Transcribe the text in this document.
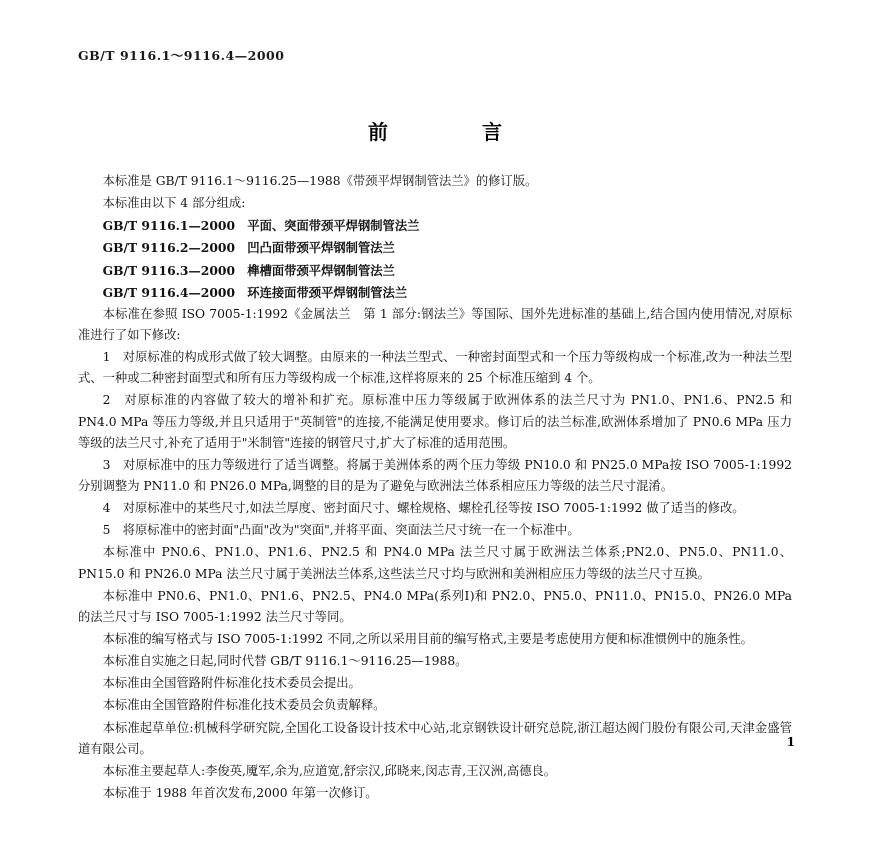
GB/T 9116.1～9116.4—2000
前　　言

本标准是 GB/T 9116.1～9116.25—1988《带颈平焊钢制管法兰》的修订版。

本标准由以下 4 部分组成:

GB/T 9116.1—2000　平面、突面带颈平焊钢制管法兰

GB/T 9116.2—2000　凹凸面带颈平焊钢制管法兰

GB/T 9116.3—2000　榫槽面带颈平焊钢制管法兰

GB/T 9116.4—2000　环连接面带颈平焊钢制管法兰

本标准在参照 ISO 7005-1:1992《金属法兰　第 1 部分:钢法兰》等国际、国外先进标准的基础上,结合国内使用情况,对原标准进行了如下修改:

1　对原标准的构成形式做了较大调整。由原来的一种法兰型式、一种密封面型式和一个压力等级构成一个标准,改为一种法兰型式、一种或二种密封面型式和所有压力等级构成一个标准,这样将原来的 25 个标准压缩到 4 个。

2　对原标准的内容做了较大的增补和扩充。原标准中压力等级属于欧洲体系的法兰尺寸为 PN1.0、PN1.6、PN2.5 和 PN4.0 MPa 等压力等级,并且只适用于"英制管"的连接,不能满足使用要求。修订后的法兰标准,欧洲体系增加了 PN0.6 MPa 压力等级的法兰尺寸,补充了适用于"米制管"连接的钢管尺寸,扩大了标准的适用范围。

3　对原标准中的压力等级进行了适当调整。将属于美洲体系的两个压力等级 PN10.0 和 PN25.0 MPa按 ISO 7005-1:1992 分别调整为 PN11.0 和 PN26.0 MPa,调整的目的是为了避免与欧洲法兰体系相应压力等级的法兰尺寸混淆。

4　对原标准中的某些尺寸,如法兰厚度、密封面尺寸、螺栓规格、螺栓孔径等按 ISO 7005-1:1992 做了适当的修改。

5　将原标准中的密封面"凸面"改为"突面",并将平面、突面法兰尺寸统一在一个标准中。

本标准中 PN0.6、PN1.0、PN1.6、PN2.5 和 PN4.0 MPa 法兰尺寸属于欧洲法兰体系;PN2.0、PN5.0、PN11.0、PN15.0 和 PN26.0 MPa 法兰尺寸属于美洲法兰体系,这些法兰尺寸均与欧洲和美洲相应压力等级的法兰尺寸互换。

本标准中 PN0.6、PN1.0、PN1.6、PN2.5、PN4.0 MPa(系列Ⅰ)和 PN2.0、PN5.0、PN11.0、PN15.0、PN26.0 MPa的法兰尺寸与 ISO 7005-1:1992 法兰尺寸等同。

本标准的编写格式与 ISO 7005-1:1992 不同,之所以采用目前的编写格式,主要是考虑使用方便和标准惯例中的施条性。

本标准自实施之日起,同时代替 GB/T 9116.1～9116.25—1988。

本标准由全国管路附件标准化技术委员会提出。

本标准由全国管路附件标准化技术委员会负责解释。

本标准起草单位:机械科学研究院,全国化工设备设计技术中心站,北京钢铁设计研究总院,浙江超达阀门股份有限公司,天津金盛管道有限公司。

本标准主要起草人:李俊英,魇军,余为,应道宽,舒宗汉,邱晓来,闵志青,王汉洲,高德良。

本标准于 1988 年首次发布,2000 年第一次修订。

1
